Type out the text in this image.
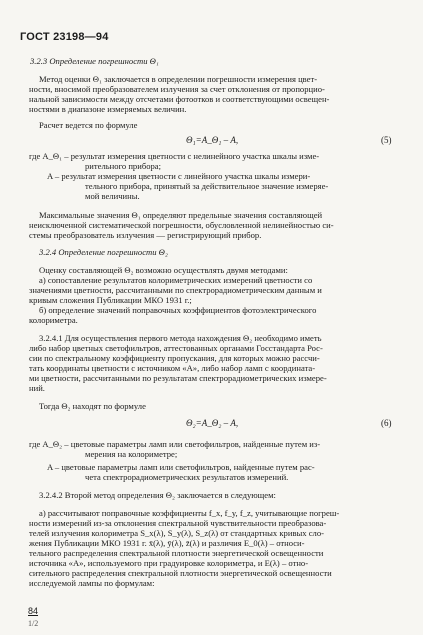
ГОСТ 23198—94
3.2.3 Определение погрешности Θ₁
Метод оценки Θ₁ заключается в определении погрешности измерения цвет-
ности, вносимой преобразователем излучения за счет отклонения от пропорцио-
нальной зависимости между отсчетами фотоотков и соответствующими освещен-
ностями в диапазоне измеряемых величин.
Расчет ведется по формуле
Θ₁=A_Θ₁ – A,	(5)
где A_Θ₁ – результат измерения цветности с нелинейного участка шкалы изме-
рительного прибора;
A – результат измерения цветности с линейного участка шкалы измери-
тельного прибора, принятый за действительное значение измеряе-
мой величины.
Максимальные значения Θ₁ определяют предельные значения составляющей
неисключенной систематической погрешности, обусловленной нелинейностью си-
стемы преобразователь излучения — регистрирующий прибор.
3.2.4 Определение погрешности Θ₂
Оценку составляющей Θ₂ возможно осуществлять двумя методами:
а) сопоставление результатов колориметрических измерений цветности со
значениями цветности, рассчитанными по спектрорадиометрическим данным и
кривым сложения Публикации МКО 1931 г.;
б) определение значений поправочных коэффициентов фотоэлектрического
колориметра.
3.2.4.1 Для осуществления первого метода нахождения Θ₂ необходимо иметь
либо набор цветных светофильтров, аттестованных органами Госстандарта Рос-
сии по спектральному коэффициенту пропускания, для которых можно рассчи-
тать координаты цветности с источником «A», либо набор ламп с координата-
ми цветности, рассчитанными по результатам спектрорадиометрических измере-
ний.
Тогда Θ₂ находят по формуле
Θ₂=A_Θ₂ – A,	(6)
где A_Θ₂ – цветовые параметры ламп или светофильтров, найденные путем из-
мерения на колориметре;
A – цветовые параметры ламп или светофильтров, найденные путем рас-
чета спектрорадиометрических результатов измерений.
3.2.4.2 Второй метод определения Θ₂ заключается в следующем:
а) рассчитывают поправочные коэффициенты f_x, f_y, f_z, учитывающие погреш-
ности измерений из-за отклонения спектральной чувствительности преобразова-
телей излучения колориметра S_x(λ), S_y(λ), S_z(λ) от стандартных кривых сло-
жения Публикации МКО 1931 г. x̄(λ), ȳ(λ), z̄(λ) и различия E_0(λ) – относи-
тельного распределения спектральной плотности энергетической освещенности
источника «A», используемого при градуировке колориметра, и E(λ) – отно-
сительного распределения спектральной плотности энергетической освещенности
исследуемой лампы по формулам:
84
1/2
